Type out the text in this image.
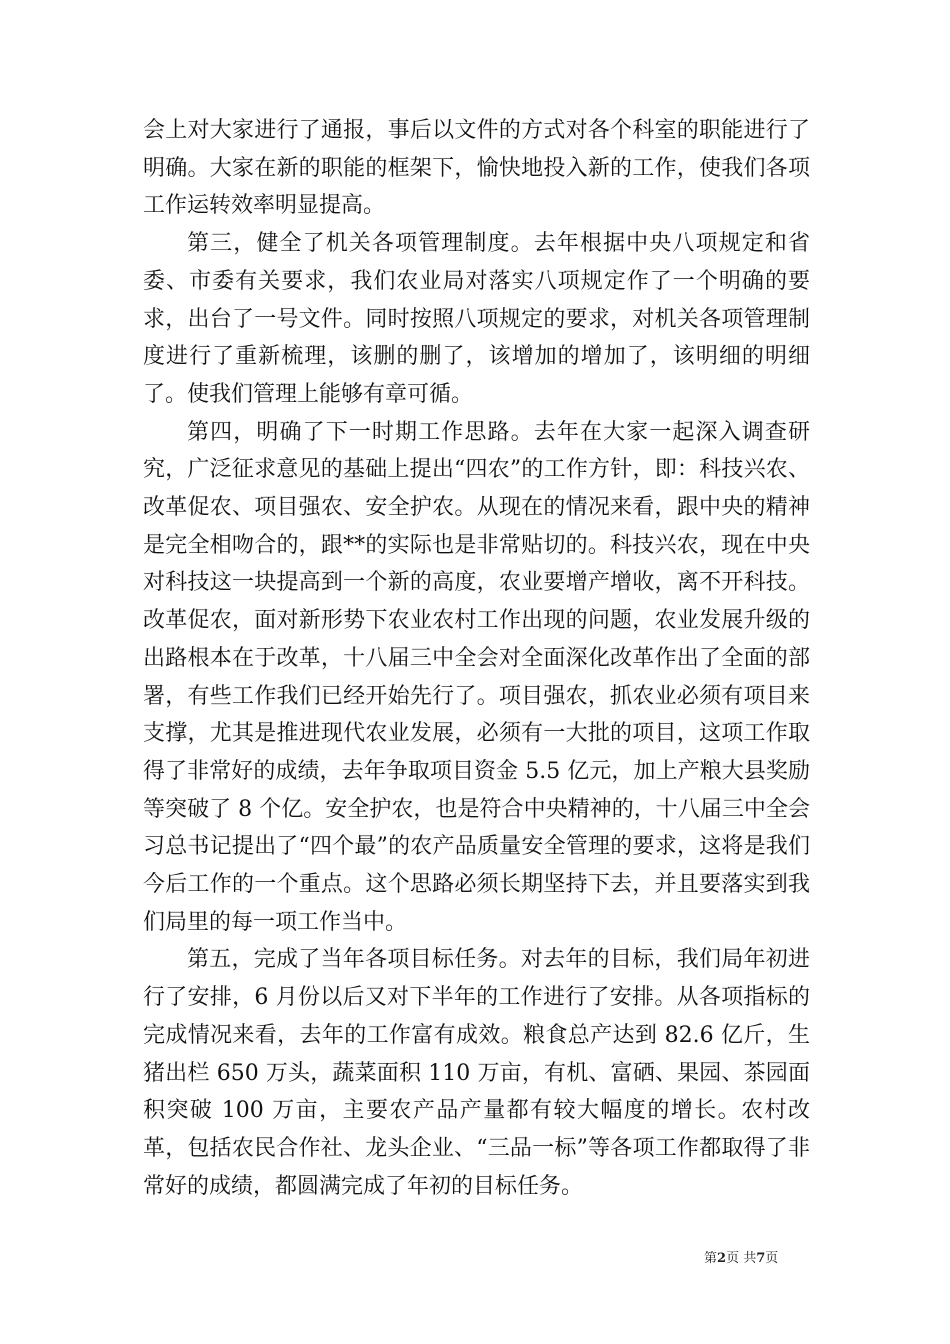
会上对大家进行了通报，事后以文件的方式对各个科室的职能进行了明确。大家在新的职能的框架下，愉快地投入新的工作，使我们各项工作运转效率明显提高。

第三，健全了机关各项管理制度。去年根据中央八项规定和省委、市委有关要求，我们农业局对落实八项规定作了一个明确的要求，出台了一号文件。同时按照八项规定的要求，对机关各项管理制度进行了重新梳理，该删的删了，该增加的增加了，该明细的明细了。使我们管理上能够有章可循。

第四，明确了下一时期工作思路。去年在大家一起深入调查研究，广泛征求意见的基础上提出“四农”的工作方针，即：科技兴农、改革促农、项目强农、安全护农。从现在的情况来看，跟中央的精神是完全相吻合的，跟**的实际也是非常贴切的。科技兴农，现在中央对科技这一块提高到一个新的高度，农业要增产增收，离不开科技。改革促农，面对新形势下农业农村工作出现的问题，农业发展升级的出路根本在于改革，十八届三中全会对全面深化改革作出了全面的部署，有些工作我们已经开始先行了。项目强农，抓农业必须有项目来支撑，尤其是推进现代农业发展，必须有一大批的项目，这项工作取得了非常好的成绩，去年争取项目资金 5.5 亿元，加上产粮大县奖励等突破了 8 个亿。安全护农，也是符合中央精神的，十八届三中全会习总书记提出了“四个最”的农产品质量安全管理的要求，这将是我们今后工作的一个重点。这个思路必须长期坚持下去，并且要落实到我们局里的每一项工作当中。

第五，完成了当年各项目标任务。对去年的目标，我们局年初进行了安排，6 月份以后又对下半年的工作进行了安排。从各项指标的完成情况来看，去年的工作富有成效。粮食总产达到 82.6 亿斤，生猪出栏 650 万头，蔬菜面积 110 万亩，有机、富硒、果园、茶园面积突破 100 万亩，主要农产品产量都有较大幅度的增长。农村改革，包括农民合作社、龙头企业、“三品一标”等各项工作都取得了非常好的成绩，都圆满完成了年初的目标任务。

第2页 共7页
